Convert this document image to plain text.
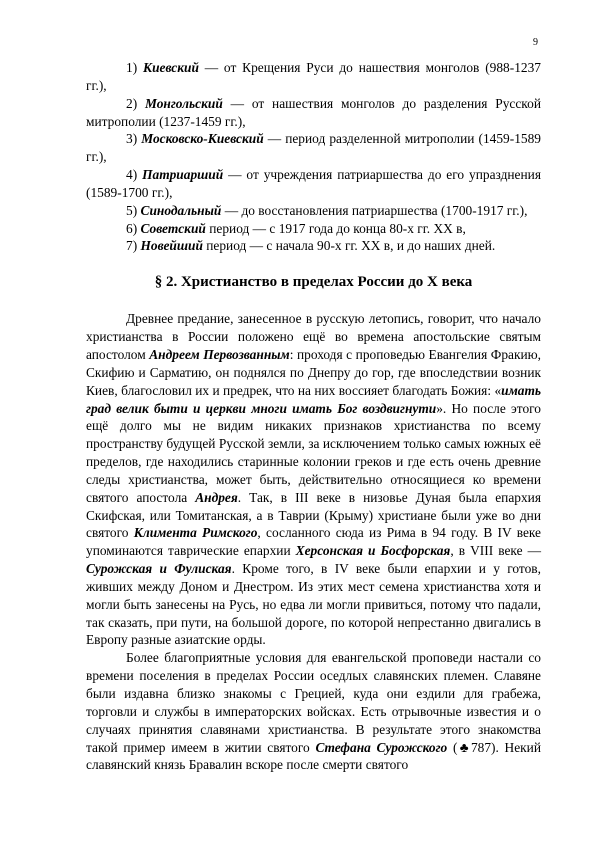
9

1) Киевский — от Крещения Руси до нашествия монголов (988-1237 гг.),

2) Монгольский — от нашествия монголов до разделения Русской митрополии (1237-1459 гг.),

3) Московско-Киевский — период разделенной митрополии (1459-1589 гг.),

4) Патриарший — от учреждения патриаршества до его упразднения (1589-1700 гг.),

5) Синодальный — до восстановления патриаршества (1700-1917 гг.),

6) Советский период — с 1917 года до конца 80-х гг. XX в,

7) Новейший период — с начала 90-х гг. XX в, и до наших дней.

§ 2. Христианство в пределах России до X века

Древнее предание, занесенное в русскую летопись, говорит, что начало христианства в России положено ещё во времена апостольские святым апостолом Андреем Первозванным: проходя с проповедью Евангелия Фракию, Скифию и Сарматию, он поднялся по Днепру до гор, где впоследствии возник Киев, благословил их и предрек, что на них воссияет благодать Божия: «имать град велик быти и церкви многи имать Бог воздвигнути». Но после этого ещё долго мы не видим никаких признаков христианства по всему пространству будущей Русской земли, за исключением только самых южных её пределов, где находились старинные колонии греков и где есть очень древние следы христианства, может быть, действительно относящиеся ко времени святого апостола Андрея. Так, в III веке в низовье Дуная была епархия Скифская, или Томитанская, а в Таврии (Крыму) христиане были уже во дни святого Климента Римского, сосланного сюда из Рима в 94 году. В IV веке упоминаются таврические епархии Херсонская и Босфорская, в VIII веке — Сурожская и Фулиская. Кроме того, в IV веке были епархии и у готов, живших между Доном и Днестром. Из этих мест семена христианства хотя и могли быть занесены на Русь, но едва ли могли привиться, потому что падали, так сказать, при пути, на большой дороге, по которой непрестанно двигались в Европу разные азиатские орды.

Более благоприятные условия для евангельской проповеди настали со времени поселения в пределах России оседлых славянских племен. Славяне были издавна близко знакомы с Грецией, куда они ездили для грабежа, торговли и службы в императорских войсках. Есть отрывочные известия и о случаях принятия славянами христианства. В результате этого знакомства такой пример имеем в житии святого Стефана Сурожского (♣787). Некий славянский князь Бравалин вскоре после смерти святого
